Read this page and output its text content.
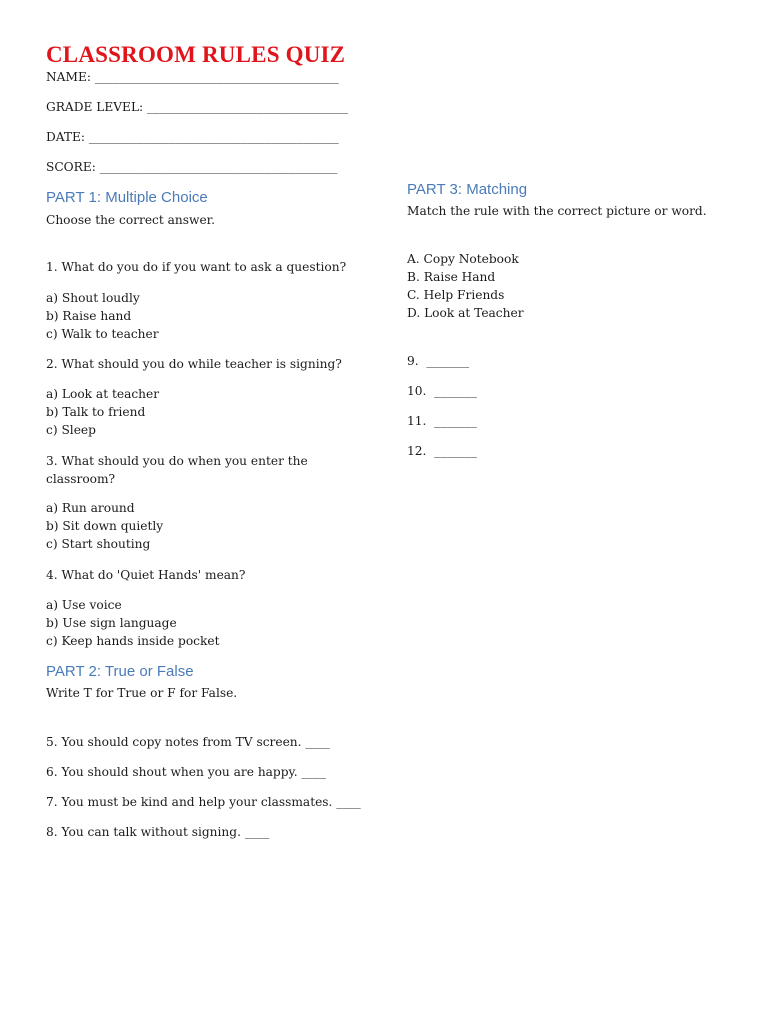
CLASSROOM RULES QUIZ
NAME: ________________________________________
GRADE LEVEL: _________________________________
DATE: _________________________________________
SCORE: _______________________________________
PART 1: Multiple Choice
Choose the correct answer.
1. What do you do if you want to ask a question?
a) Shout loudly
b) Raise hand
c) Walk to teacher
2. What should you do while teacher is signing?
a) Look at teacher
b) Talk to friend
c) Sleep
3. What should you do when you enter the classroom?
a) Run around
b) Sit down quietly
c) Start shouting
4. What do 'Quiet Hands' mean?
a) Use voice
b) Use sign language
c) Keep hands inside pocket
PART 2: True or False
Write T for True or F for False.
5. You should copy notes from TV screen. ____
6. You should shout when you are happy. ____
7. You must be kind and help your classmates. ____
8. You can talk without signing. ____
PART 3: Matching
Match the rule with the correct picture or word.
A. Copy Notebook
B. Raise Hand
C. Help Friends
D. Look at Teacher
9.  _______
10.  _______
11.  _______
12.  _______
